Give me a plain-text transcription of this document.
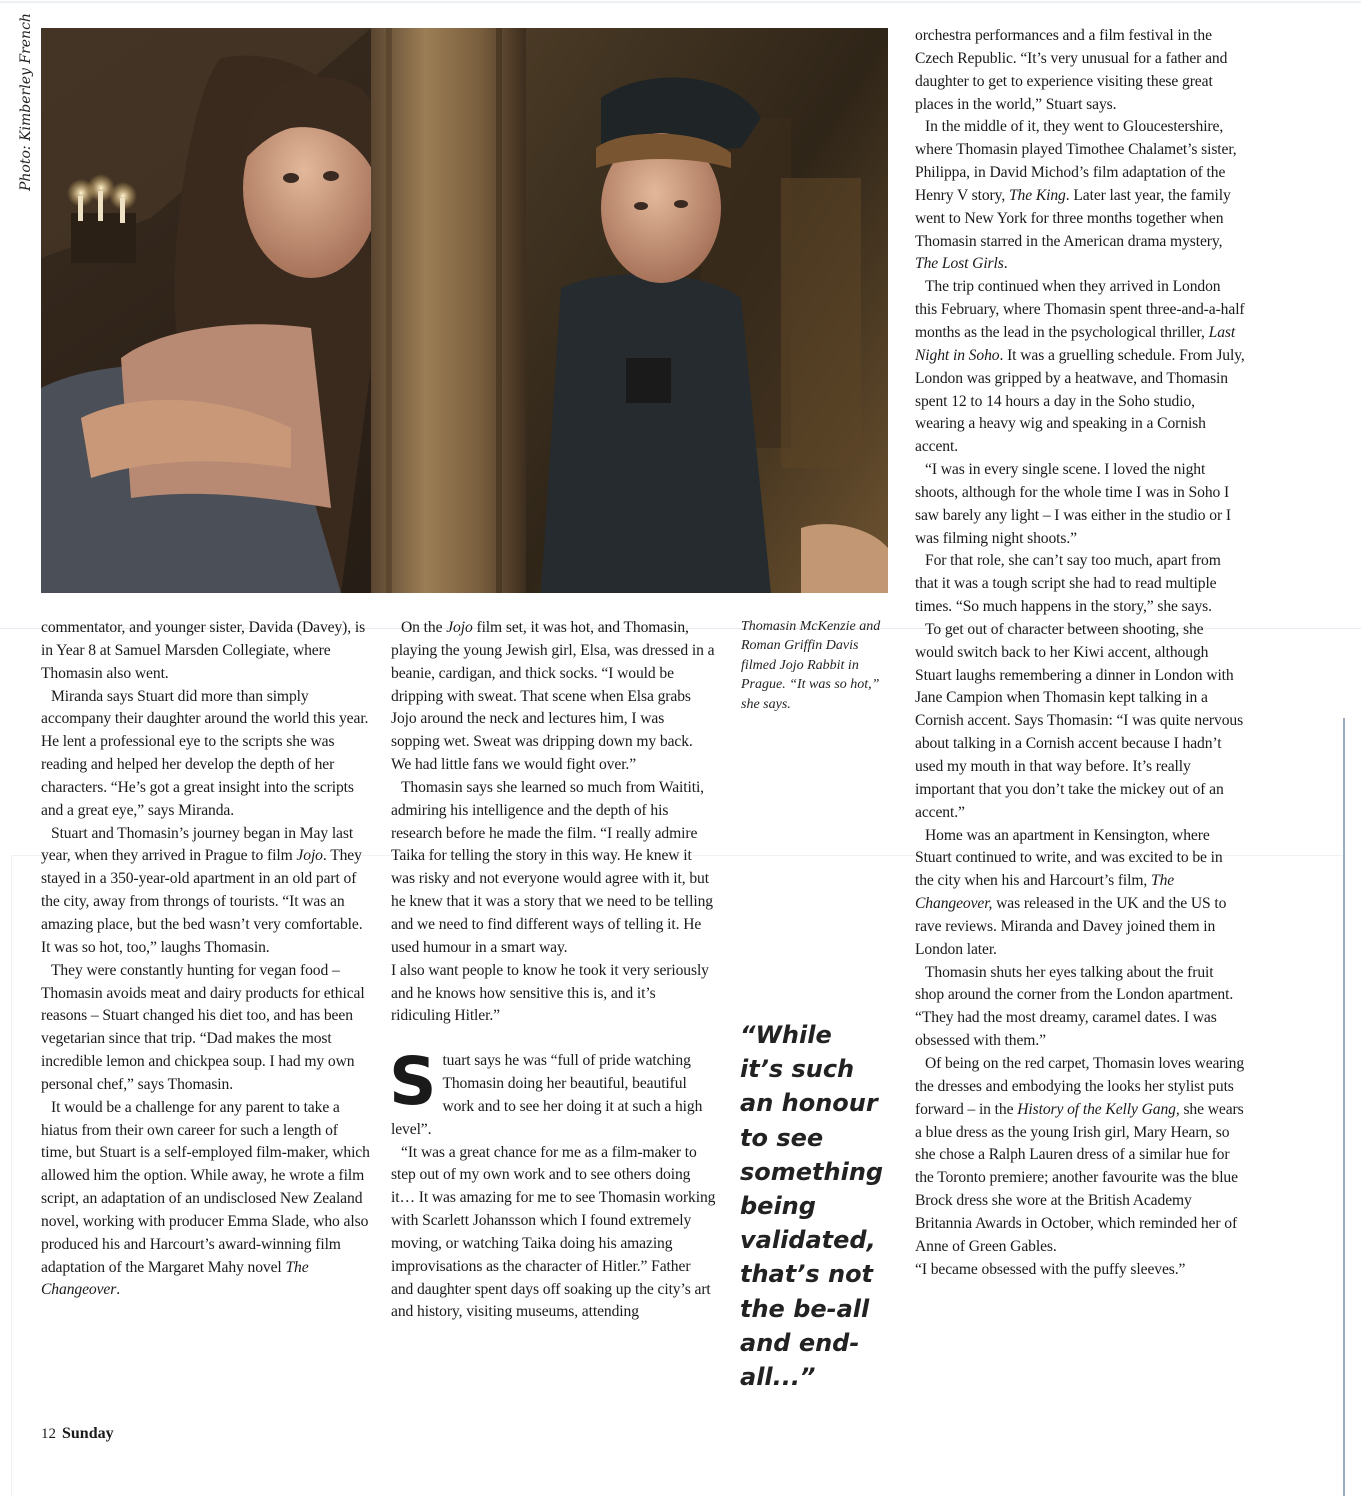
Photo: Kimberley French

commentator, and younger sister, Davida (Davey), is in Year 8 at Samuel Marsden Collegiate, where Thomasin also went.

Miranda says Stuart did more than simply accompany their daughter around the world this year. He lent a professional eye to the scripts she was reading and helped her develop the depth of her characters. “He’s got a great insight into the scripts and a great eye,” says Miranda.

Stuart and Thomasin’s journey began in May last year, when they arrived in Prague to film Jojo. They stayed in a 350-year-old apartment in an old part of the city, away from throngs of tourists. “It was an amazing place, but the bed wasn’t very comfortable. It was so hot, too,” laughs Thomasin.

They were constantly hunting for vegan food – Thomasin avoids meat and dairy products for ethical reasons – Stuart changed his diet too, and has been vegetarian since that trip. “Dad makes the most incredible lemon and chickpea soup. I had my own personal chef,” says Thomasin.

It would be a challenge for any parent to take a hiatus from their own career for such a length of time, but Stuart is a self-employed film-maker, which allowed him the option. While away, he wrote a film script, an adaptation of an undisclosed New Zealand novel, working with producer Emma Slade, who also produced his and Harcourt’s award-winning film adaptation of the Margaret Mahy novel The Changeover.

On the Jojo film set, it was hot, and Thomasin, playing the young Jewish girl, Elsa, was dressed in a beanie, cardigan, and thick socks. “I would be dripping with sweat. That scene when Elsa grabs Jojo around the neck and lectures him, I was sopping wet. Sweat was dripping down my back. We had little fans we would fight over.”

Thomasin says she learned so much from Waititi, admiring his intelligence and the depth of his research before he made the film. “I really admire Taika for telling the story in this way. He knew it was risky and not everyone would agree with it, but he knew that it was a story that we need to be telling and we need to find different ways of telling it. He used humour in a smart way.

I also want people to know he took it very seriously and he knows how sensitive this is, and it’s ridiculing Hitler.”

Stuart says he was “full of pride watching Thomasin doing her beautiful, beautiful work and to see her doing it at such a high level”.

“It was a great chance for me as a film-maker to step out of my own work and to see others doing it… It was amazing for me to see Thomasin working with Scarlett Johansson which I found extremely moving, or watching Taika doing his amazing improvisations as the character of Hitler.” Father and daughter spent days off soaking up the city’s art and history, visiting museums, attending

Thomasin McKenzie and Roman Griffin Davis filmed Jojo Rabbit in Prague. “It was so hot,” she says.
“While it’s such an honour to see something being validated, that’s not the be-all and end-all...”

orchestra performances and a film festival in the Czech Republic. “It’s very unusual for a father and daughter to get to experience visiting these great places in the world,” Stuart says.

In the middle of it, they went to Gloucestershire, where Thomasin played Timothee Chalamet’s sister, Philippa, in David Michod’s film adaptation of the Henry V story, The King. Later last year, the family went to New York for three months together when Thomasin starred in the American drama mystery, The Lost Girls.

The trip continued when they arrived in London this February, where Thomasin spent three-and-a-half months as the lead in the psychological thriller, Last Night in Soho. It was a gruelling schedule. From July, London was gripped by a heatwave, and Thomasin spent 12 to 14 hours a day in the Soho studio, wearing a heavy wig and speaking in a Cornish accent.

“I was in every single scene. I loved the night shoots, although for the whole time I was in Soho I saw barely any light – I was either in the studio or I was filming night shoots.”

For that role, she can’t say too much, apart from that it was a tough script she had to read multiple times. “So much happens in the story,” she says.

To get out of character between shooting, she would switch back to her Kiwi accent, although Stuart laughs remembering a dinner in London with Jane Campion when Thomasin kept talking in a Cornish accent. Says Thomasin: “I was quite nervous about talking in a Cornish accent because I hadn’t used my mouth in that way before. It’s really important that you don’t take the mickey out of an accent.”

Home was an apartment in Kensington, where Stuart continued to write, and was excited to be in the city when his and Harcourt’s film, The Changeover, was released in the UK and the US to rave reviews. Miranda and Davey joined them in London later.

Thomasin shuts her eyes talking about the fruit shop around the corner from the London apartment. “They had the most dreamy, caramel dates. I was obsessed with them.”

Of being on the red carpet, Thomasin loves wearing the dresses and embodying the looks her stylist puts forward – in the History of the Kelly Gang, she wears a blue dress as the young Irish girl, Mary Hearn, so she chose a Ralph Lauren dress of a similar hue for the Toronto premiere; another favourite was the blue Brock dress she wore at the British Academy Britannia Awards in October, which reminded her of Anne of Green Gables.

“I became obsessed with the puffy sleeves.”

12 Sunday
